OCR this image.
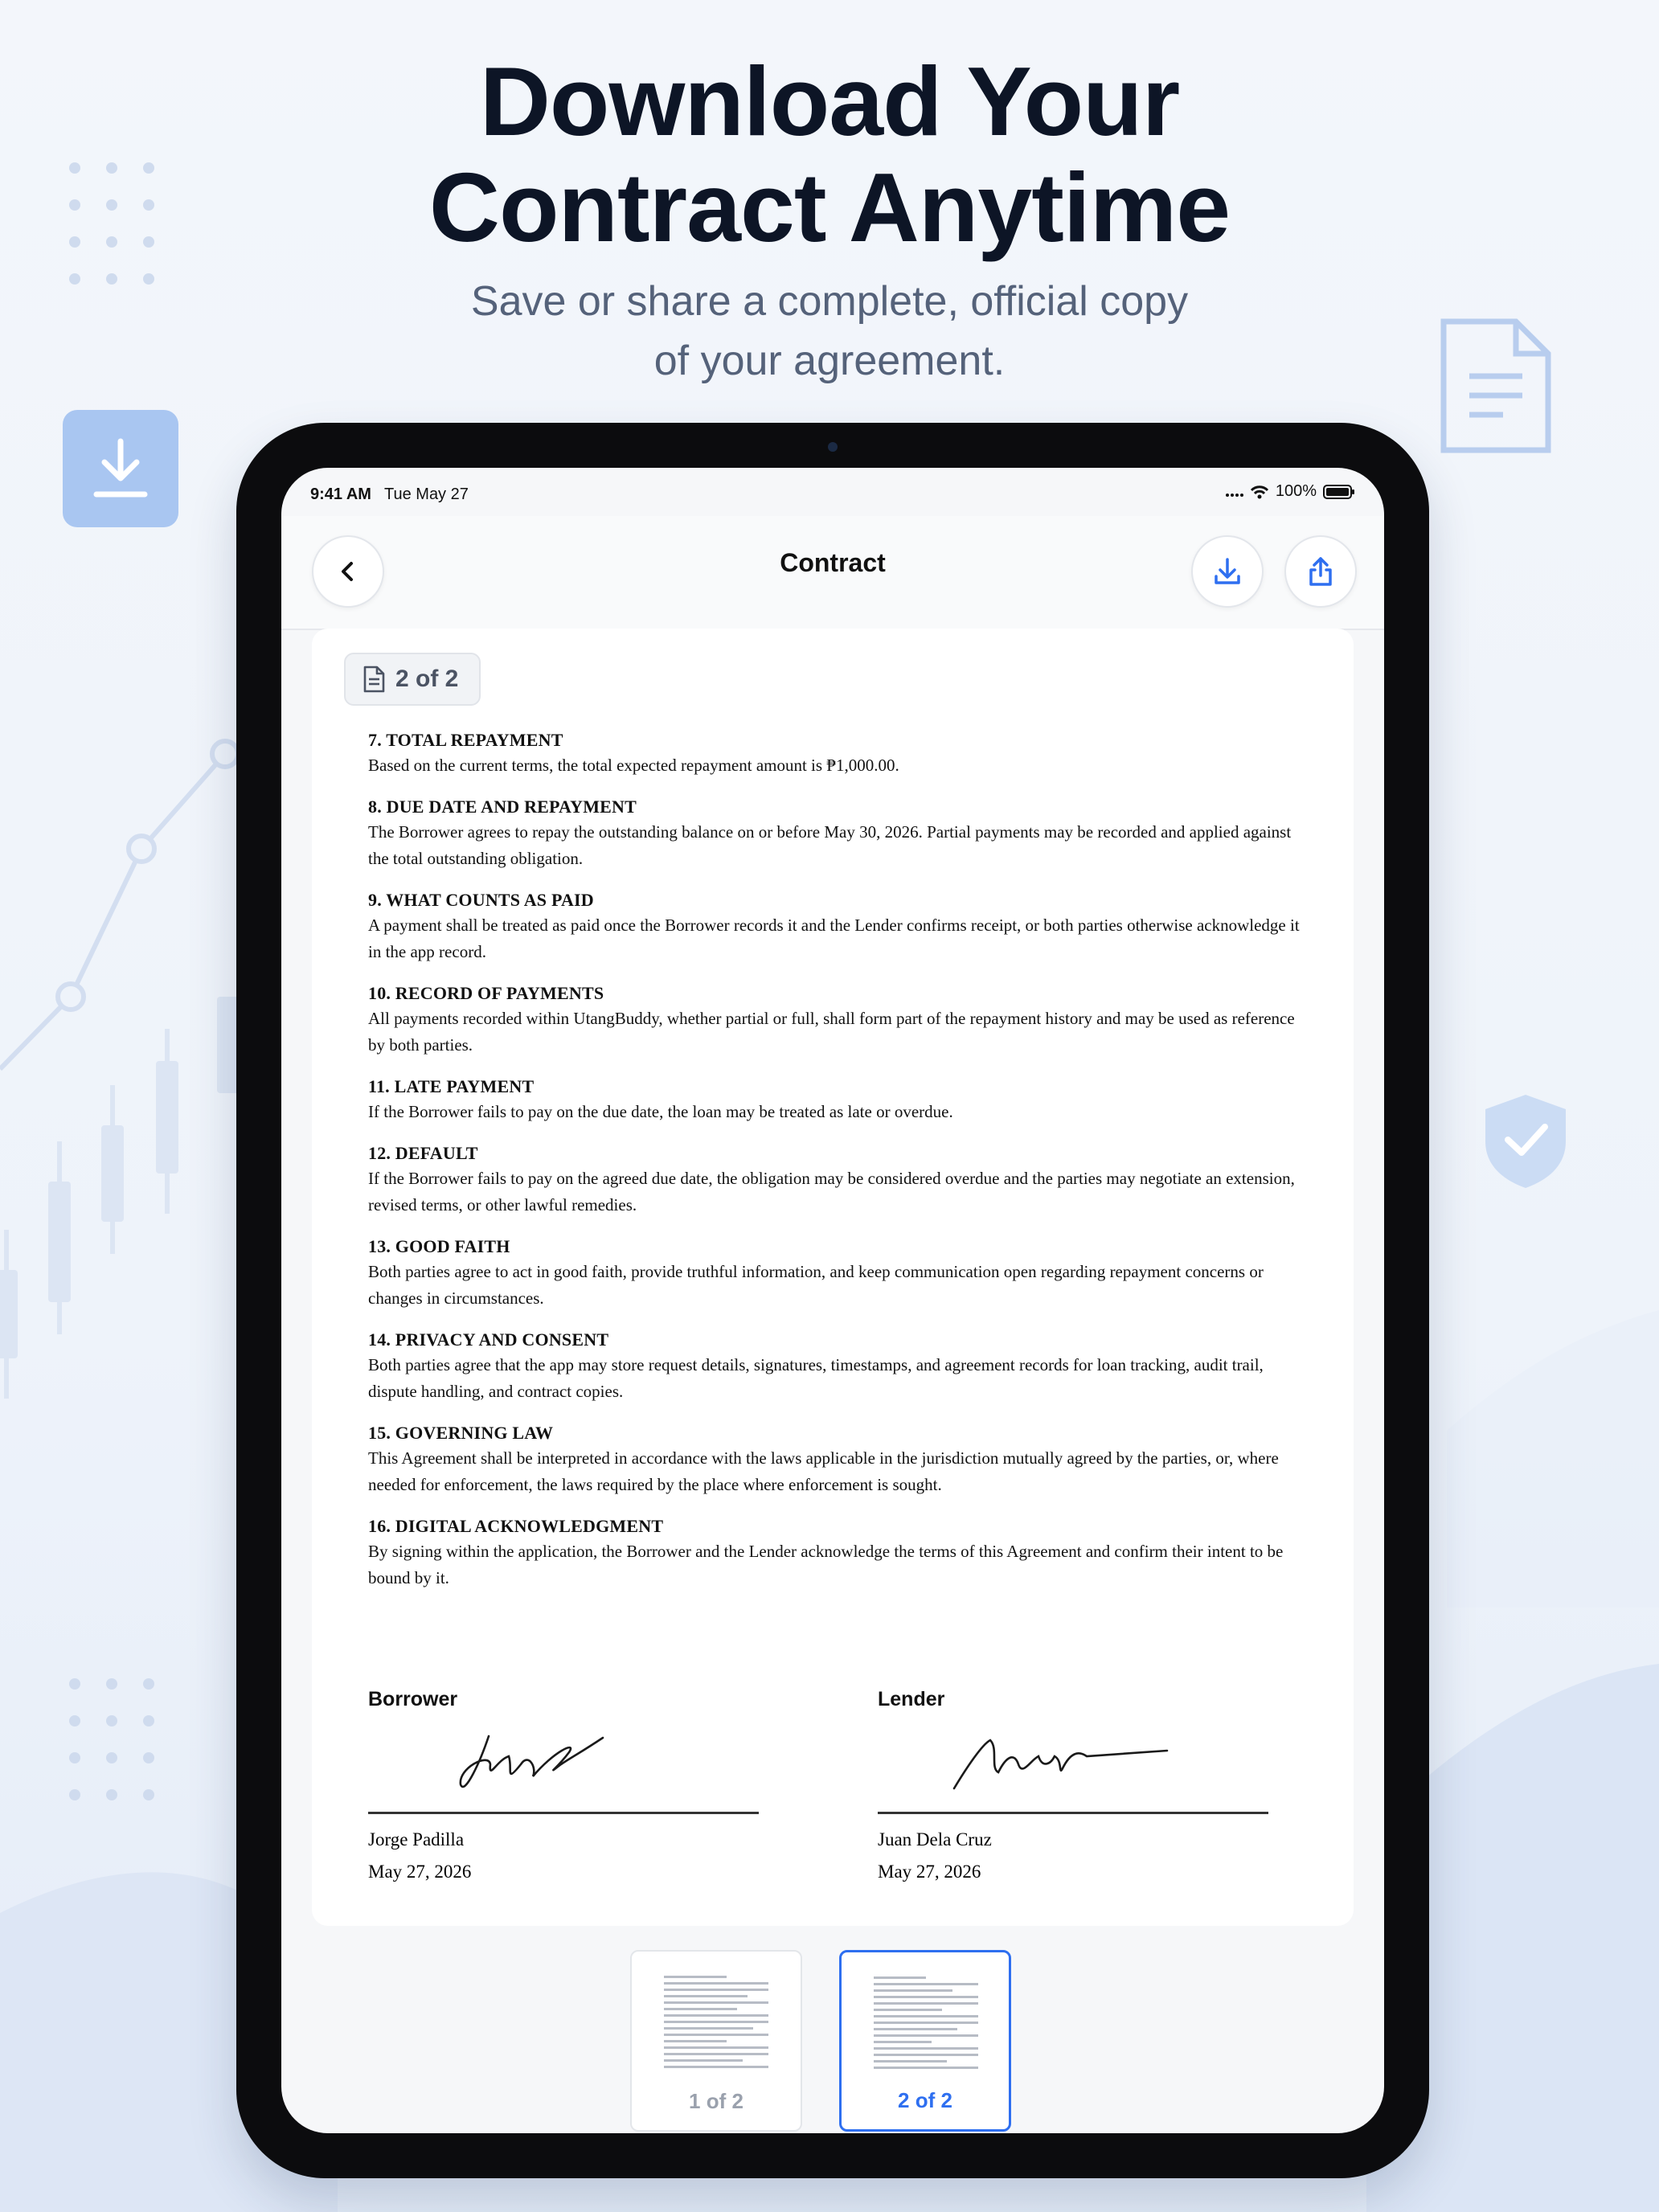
Download Your
Contract Anytime
Save or share a complete, official copy
of your agreement.
9:41 AM Tue May 27	100%
Contract
2 of 2
7. TOTAL REPAYMENT
Based on the current terms, the total expected repayment amount is ₱1,000.00.
8. DUE DATE AND REPAYMENT
The Borrower agrees to repay the outstanding balance on or before May 30, 2026. Partial payments may be recorded and applied against the total outstanding obligation.
9. WHAT COUNTS AS PAID
A payment shall be treated as paid once the Borrower records it and the Lender confirms receipt, or both parties otherwise acknowledge it in the app record.
10. RECORD OF PAYMENTS
All payments recorded within UtangBuddy, whether partial or full, shall form part of the repayment history and may be used as reference by both parties.
11. LATE PAYMENT
If the Borrower fails to pay on the due date, the loan may be treated as late or overdue.
12. DEFAULT
If the Borrower fails to pay on the agreed due date, the obligation may be considered overdue and the parties may negotiate an extension, revised terms, or other lawful remedies.
13. GOOD FAITH
Both parties agree to act in good faith, provide truthful information, and keep communication open regarding repayment concerns or changes in circumstances.
14. PRIVACY AND CONSENT
Both parties agree that the app may store request details, signatures, timestamps, and agreement records for loan tracking, audit trail, dispute handling, and contract copies.
15. GOVERNING LAW
This Agreement shall be interpreted in accordance with the laws applicable in the jurisdiction mutually agreed by the parties, or, where needed for enforcement, the laws required by the place where enforcement is sought.
16. DIGITAL ACKNOWLEDGMENT
By signing within the application, the Borrower and the Lender acknowledge the terms of this Agreement and confirm their intent to be bound by it.
Borrower
Jorge Padilla
May 27, 2026
Lender
Juan Dela Cruz
May 27, 2026
1 of 2	2 of 2
